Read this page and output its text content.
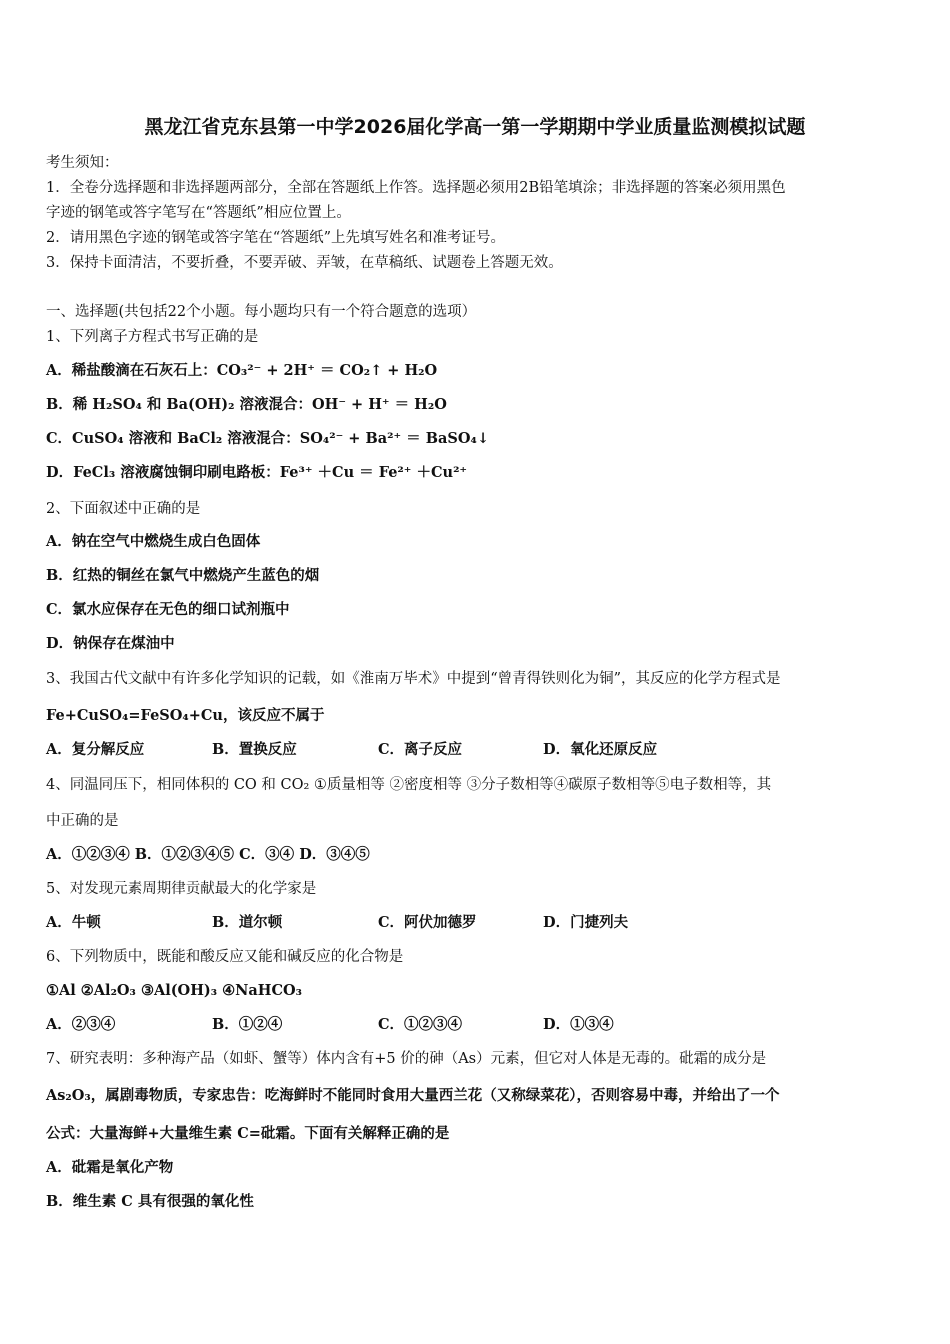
黑龙江省克东县第一中学2026届化学高一第一学期期中学业质量监测模拟试题
考生须知：
1．全卷分选择题和非选择题两部分，全部在答题纸上作答。选择题必须用2B铅笔填涂；非选择题的答案必须用黑色
字迹的钢笔或答字笔写在“答题纸”相应位置上。
2．请用黑色字迹的钢笔或答字笔在“答题纸”上先填写姓名和准考证号。
3．保持卡面清洁，不要折叠，不要弄破、弄皱，在草稿纸、试题卷上答题无效。
一、选择题(共包括22个小题。每小题均只有一个符合题意的选项）
1、下列离子方程式书写正确的是
A．稀盐酸滴在石灰石上：CO₃²⁻ + 2H⁺ ＝ CO₂↑ + H₂O
B．稀 H₂SO₄ 和 Ba(OH)₂ 溶液混合：OH⁻ + H⁺ ＝ H₂O
C．CuSO₄ 溶液和 BaCl₂ 溶液混合：SO₄²⁻ + Ba²⁺ ＝ BaSO₄↓
D．FeCl₃ 溶液腐蚀铜印刷电路板：Fe³⁺ ＋Cu ＝ Fe²⁺ ＋Cu²⁺
2、下面叙述中正确的是
A．钠在空气中燃烧生成白色固体
B．红热的铜丝在氯气中燃烧产生蓝色的烟
C．氯水应保存在无色的细口试剂瓶中
D．钠保存在煤油中
3、我国古代文献中有许多化学知识的记载，如《淮南万毕术》中提到“曾青得铁则化为铜”，其反应的化学方程式是
Fe+CuSO₄=FeSO₄+Cu，该反应不属于
A．复分解反应	B．置换反应	C．离子反应	D．氧化还原反应
4、同温同压下，相同体积的 CO 和 CO₂ ①质量相等 ②密度相等 ③分子数相等④碳原子数相等⑤电子数相等，其
中正确的是
A．①②③④ B．①②③④⑤ C．③④ D．③④⑤
5、对发现元素周期律贡献最大的化学家是
A．牛顿	B．道尔顿	C．阿伏加德罗	D．门捷列夫
6、下列物质中，既能和酸反应又能和碱反应的化合物是
①Al ②Al₂O₃ ③Al(OH)₃ ④NaHCO₃
A．②③④	B．①②④	C．①②③④	D．①③④
7、研究表明：多种海产品（如虾、蟹等）体内含有+5 价的砷（As）元素，但它对人体是无毒的。砒霜的成分是
As₂O₃，属剧毒物质，专家忠告：吃海鲜时不能同时食用大量西兰花（又称绿菜花），否则容易中毒，并给出了一个
公式：大量海鲜+大量维生素 C=砒霜。下面有关解释正确的是
A．砒霜是氧化产物
B．维生素 C 具有很强的氧化性
